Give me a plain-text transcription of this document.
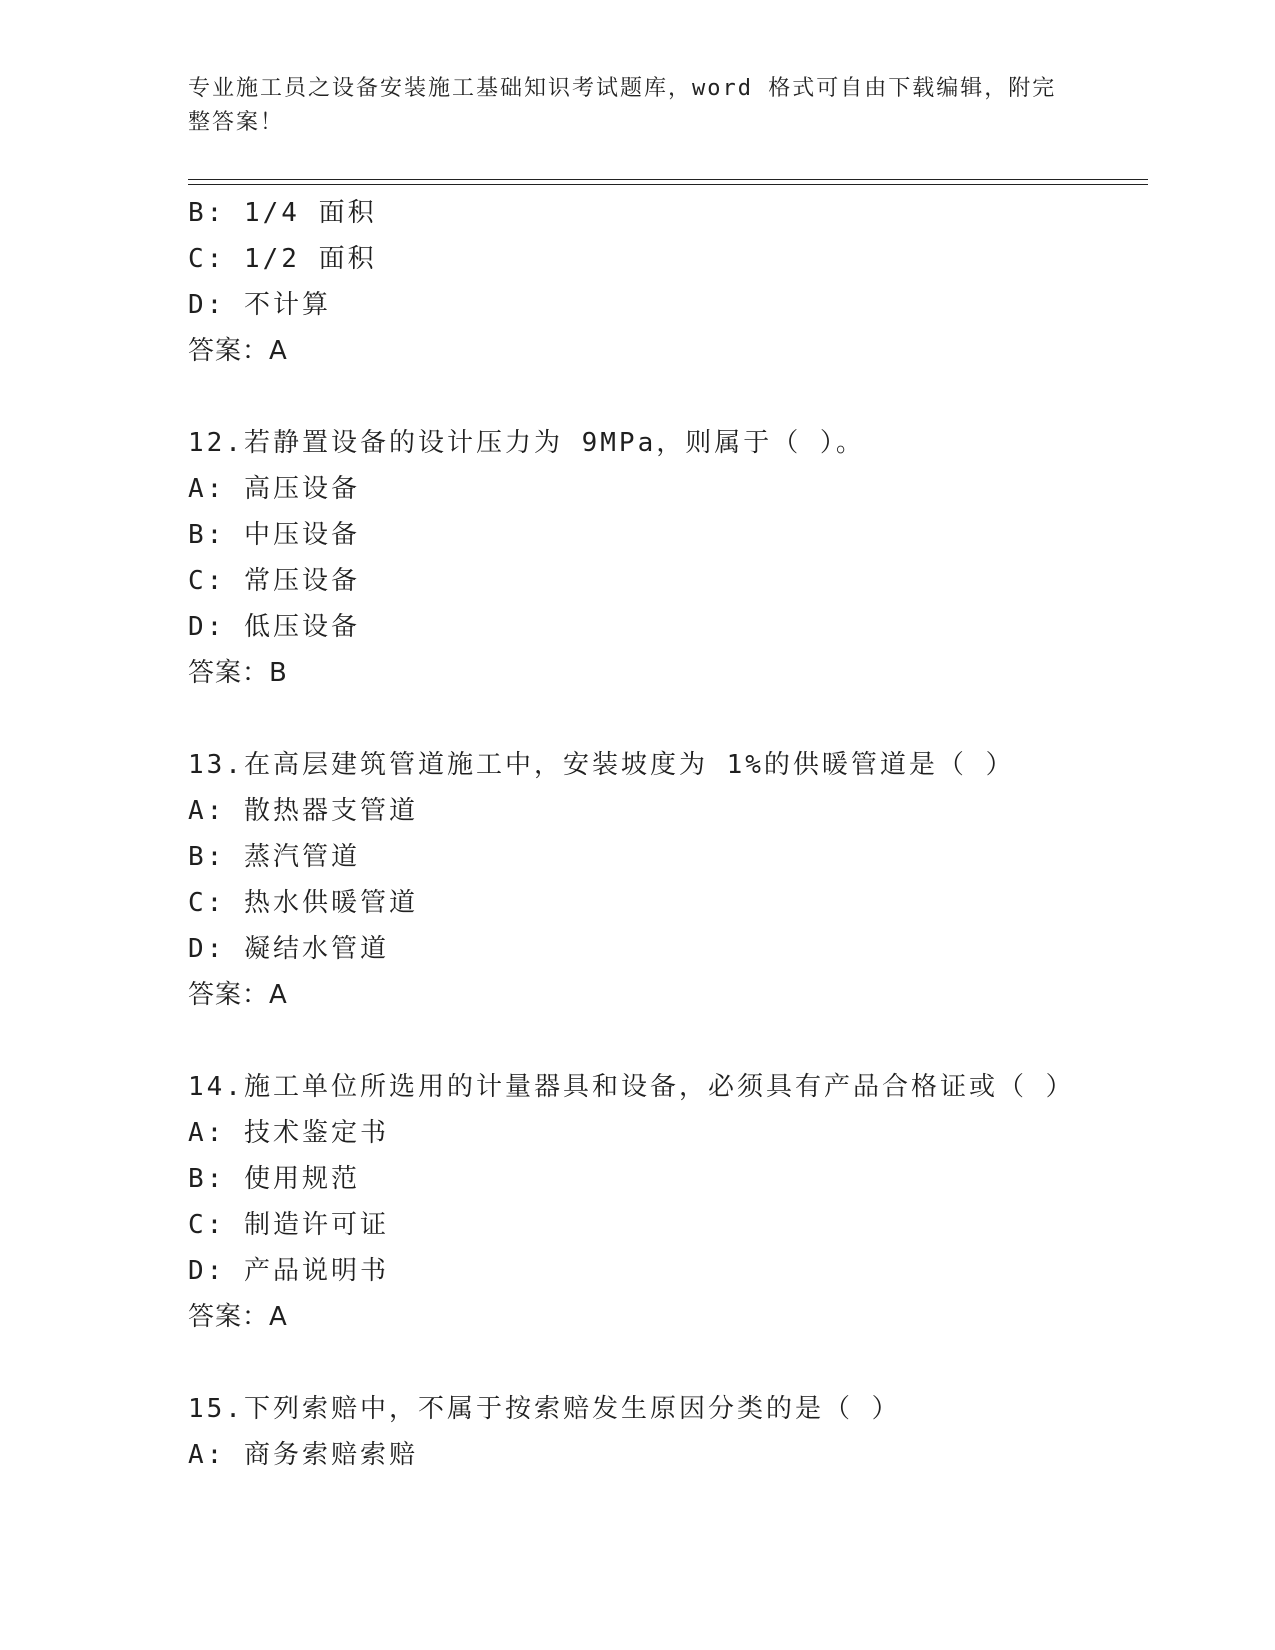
专业施工员之设备安装施工基础知识考试题库，word 格式可自由下载编辑，附完
整答案！
B: 1/4 面积
C: 1/2 面积
D: 不计算
答案：A
12.若静置设备的设计压力为 9MPa，则属于（ ）。
A: 高压设备
B: 中压设备
C: 常压设备
D: 低压设备
答案：B
13.在高层建筑管道施工中，安装坡度为 1%的供暖管道是（ ）
A: 散热器支管道
B: 蒸汽管道
C: 热水供暖管道
D: 凝结水管道
答案：A
14.施工单位所选用的计量器具和设备，必须具有产品合格证或（ ）
A: 技术鉴定书
B: 使用规范
C: 制造许可证
D: 产品说明书
答案：A
15.下列索赔中，不属于按索赔发生原因分类的是（ ）
A: 商务索赔索赔
